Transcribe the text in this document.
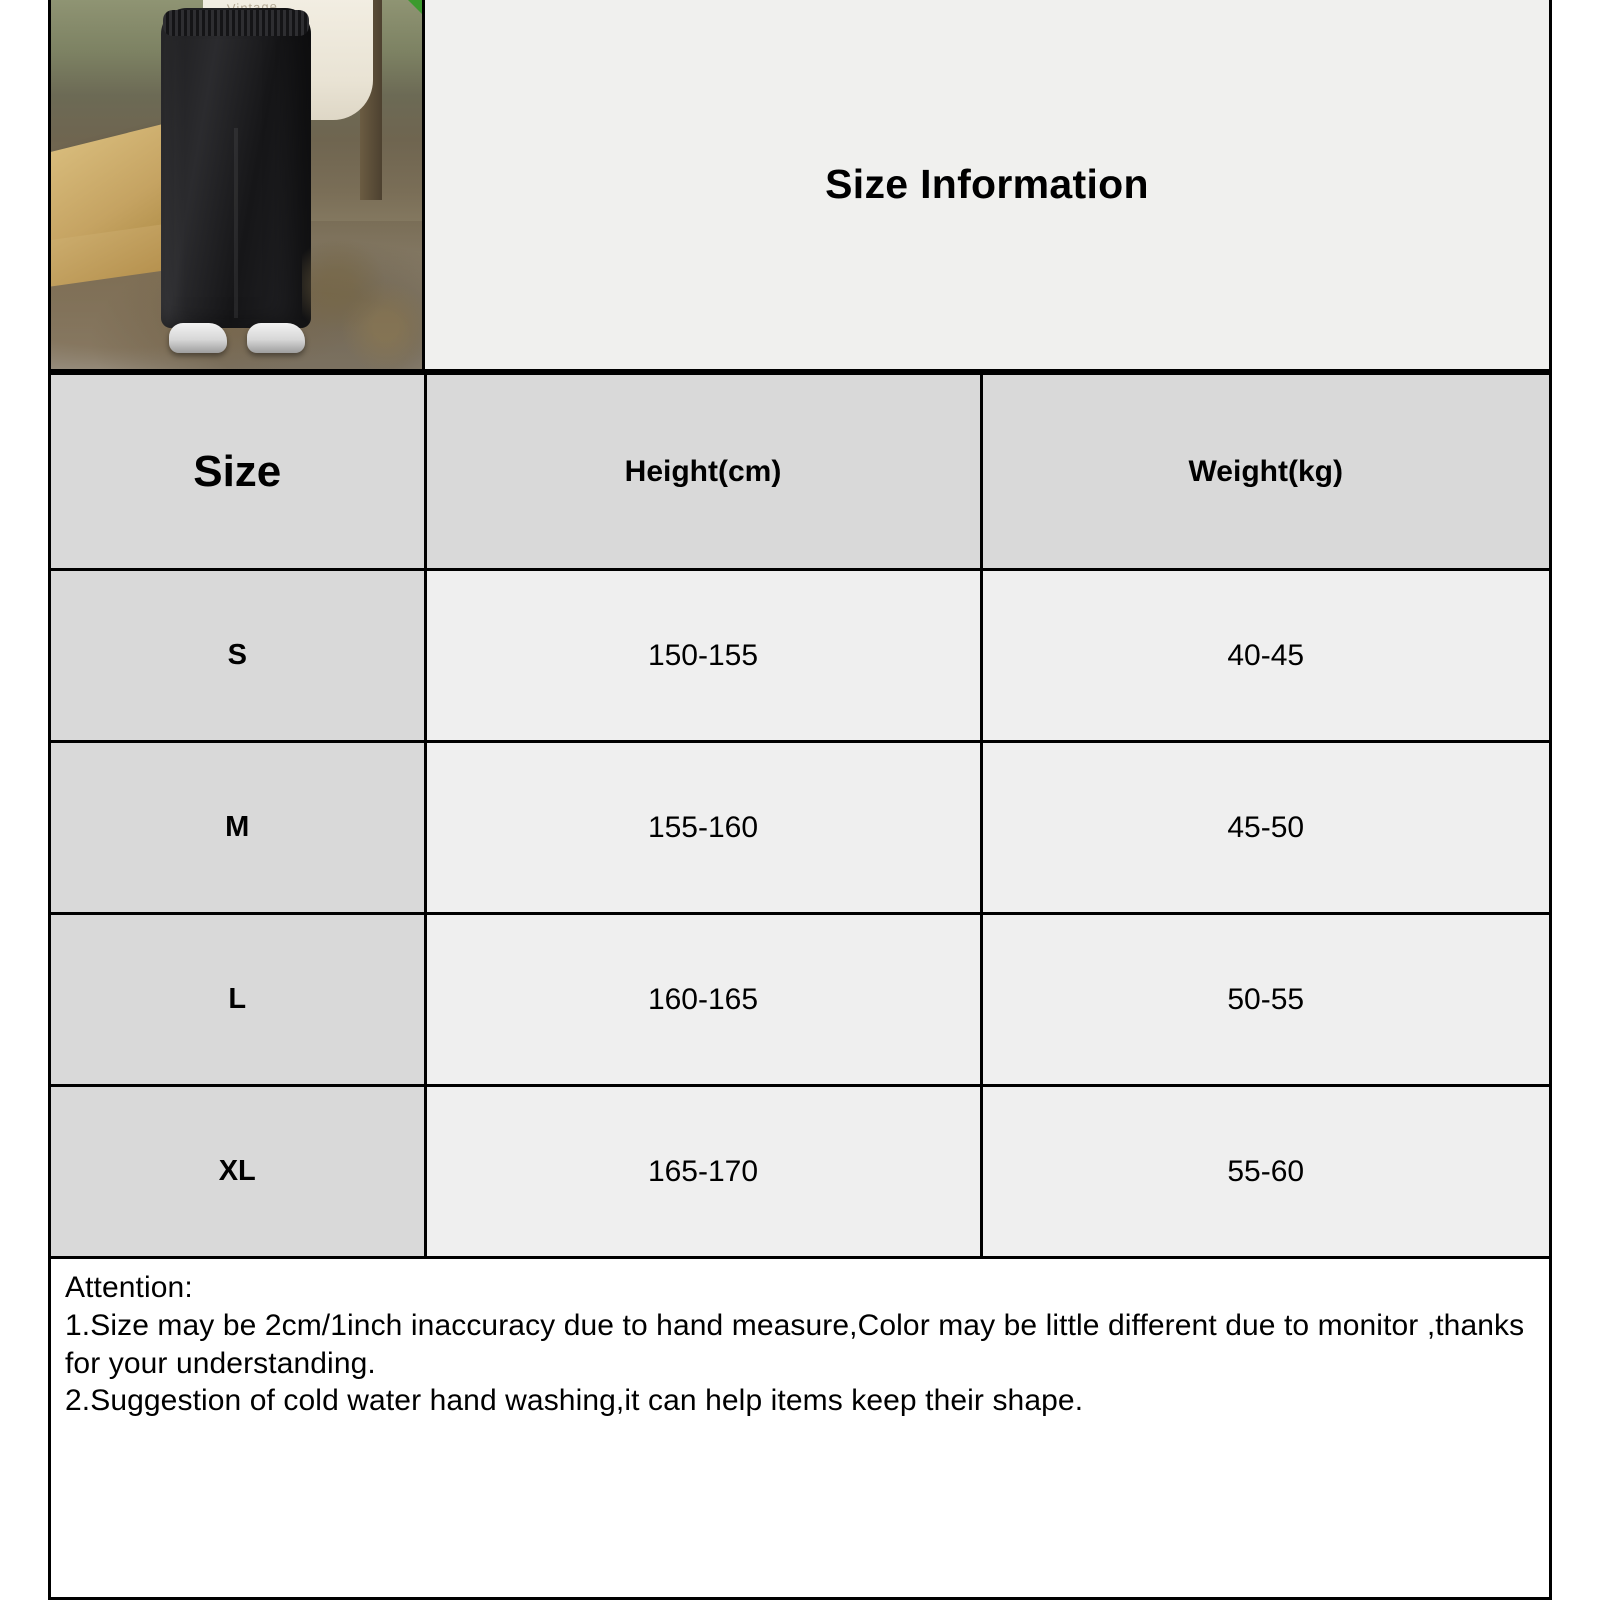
Size Information
Size	Height(cm)	Weight(kg)
S	150-155	40-45
M	155-160	45-50
L	160-165	50-55
XL	165-170	55-60
Attention:
1.Size may be 2cm/1inch inaccuracy due to hand measure,Color may be little different due to monitor ,thanks for your understanding.
2.Suggestion of cold water hand washing,it can help items keep their shape.
